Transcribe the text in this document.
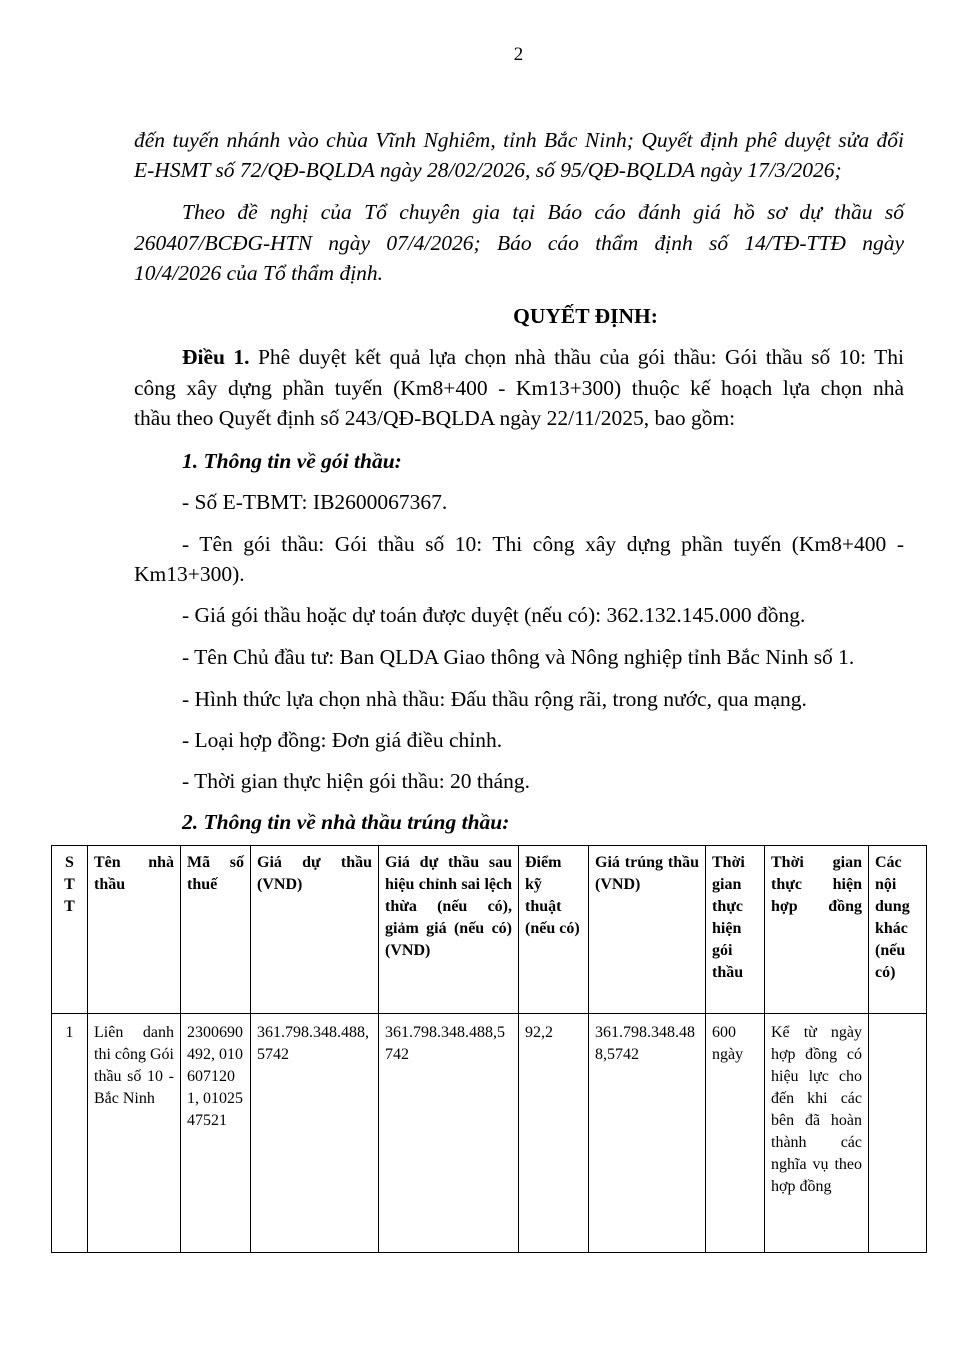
2
đến tuyến nhánh vào chùa Vĩnh Nghiêm, tỉnh Bắc Ninh; Quyết định phê duyệt sửa đổi
E-HSMT số 72/QĐ-BQLDA ngày 28/02/2026, số 95/QĐ-BQLDA ngày 17/3/2026;
Theo đề nghị của Tổ chuyên gia tại Báo cáo đánh giá hồ sơ dự thầu số
260407/BCĐG-HTN ngày 07/4/2026; Báo cáo thẩm định số 14/TĐ-TTĐ ngày
10/4/2026 của Tổ thẩm định.
QUYẾT ĐỊNH:
Điều 1. Phê duyệt kết quả lựa chọn nhà thầu của gói thầu: Gói thầu số 10: Thi
công xây dựng phần tuyến (Km8+400 - Km13+300) thuộc kế hoạch lựa chọn nhà
thầu theo Quyết định số 243/QĐ-BQLDA ngày 22/11/2025, bao gồm:
1. Thông tin về gói thầu:
- Số E-TBMT: IB2600067367.
- Tên gói thầu: Gói thầu số 10: Thi công xây dựng phần tuyến (Km8+400 -
Km13+300).
- Giá gói thầu hoặc dự toán được duyệt (nếu có): 362.132.145.000 đồng.
- Tên Chủ đầu tư: Ban QLDA Giao thông và Nông nghiệp tỉnh Bắc Ninh số 1.
- Hình thức lựa chọn nhà thầu: Đấu thầu rộng rãi, trong nước, qua mạng.
- Loại hợp đồng: Đơn giá điều chỉnh.
- Thời gian thực hiện gói thầu: 20 tháng.
2. Thông tin về nhà thầu trúng thầu:
S T T	Tên nhà thầu	Mã số thuế	Giá dự thầu (VND)	Giá dự thầu sau hiệu chỉnh sai lệch thừa (nếu có), giảm giá (nếu có) (VND)	Điểm kỹ thuật (nếu có)	Giá trúng thầu (VND)	Thời gian thực hiện gói thầu	Thời gian thực hiện hợp đồng	Các nội dung khác (nếu có)
1	Liên danh thi công Gói thầu số 10 - Bắc Ninh	2300690492, 0106071201, 0102547521	361.798.348.488,5742	361.798.348.488,5742	92,2	361.798.348.488,5742	600 ngày	Kể từ ngày hợp đồng có hiệu lực cho đến khi các bên đã hoàn thành các nghĩa vụ theo hợp đồng	
